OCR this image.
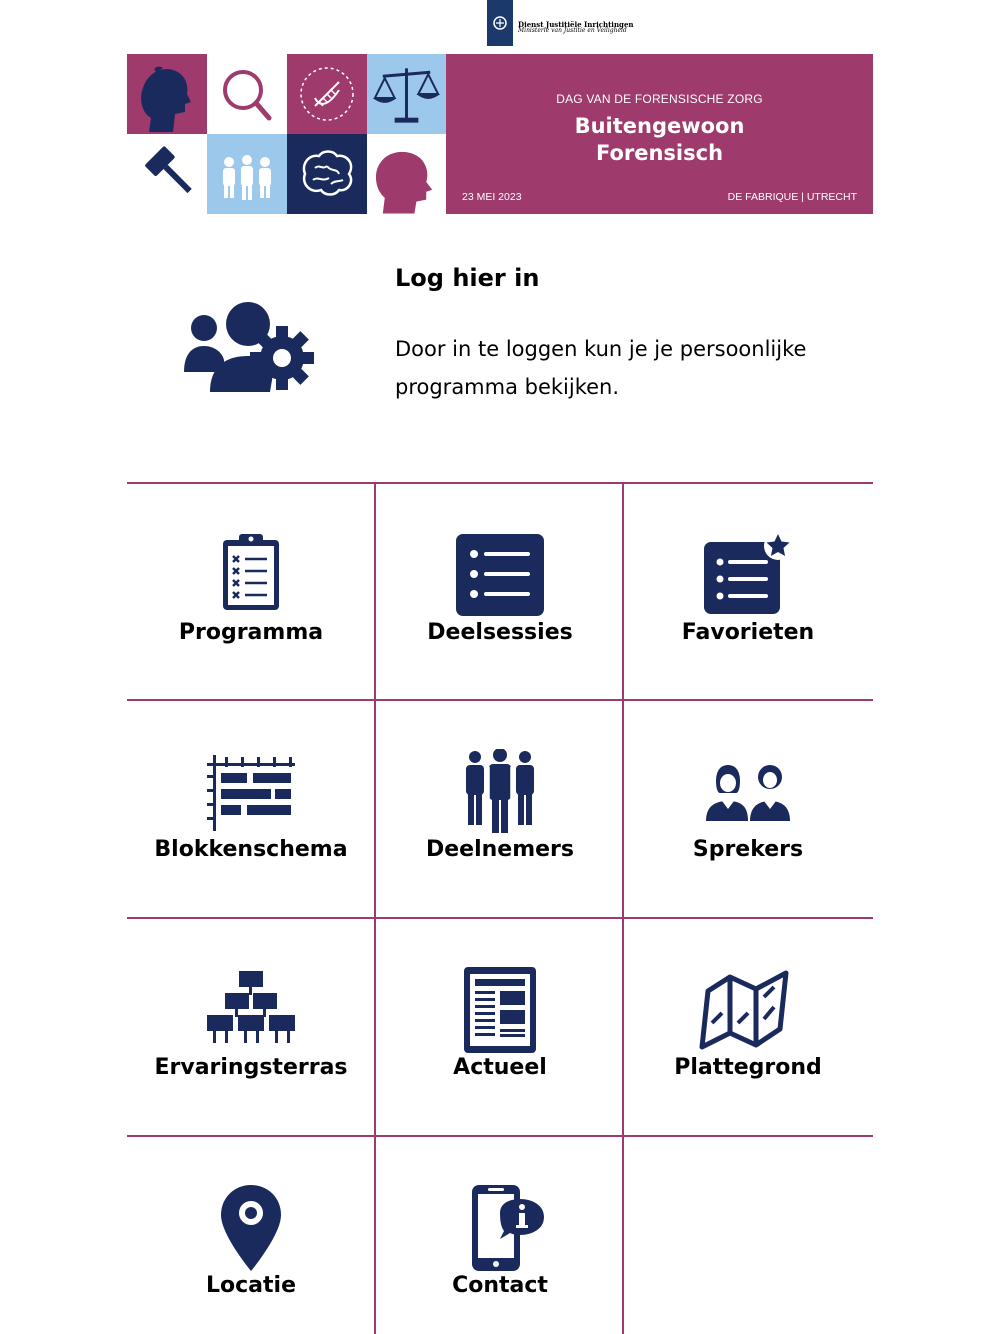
Dienst Justitiële Inrichtingen
Ministerie van Justitie en Veiligheid
DAG VAN DE FORENSISCHE ZORG
Buitengewoon
Forensisch
23 MEI 2023	DE FABRIQUE | UTRECHT
Log hier in
Door in te loggen kun je je persoonlijke programma bekijken.
Programma	Deelsessies	Favorieten
Blokkenschema	Deelnemers	Sprekers
Ervaringsterras	Actueel	Plattegrond
Locatie	Contact
